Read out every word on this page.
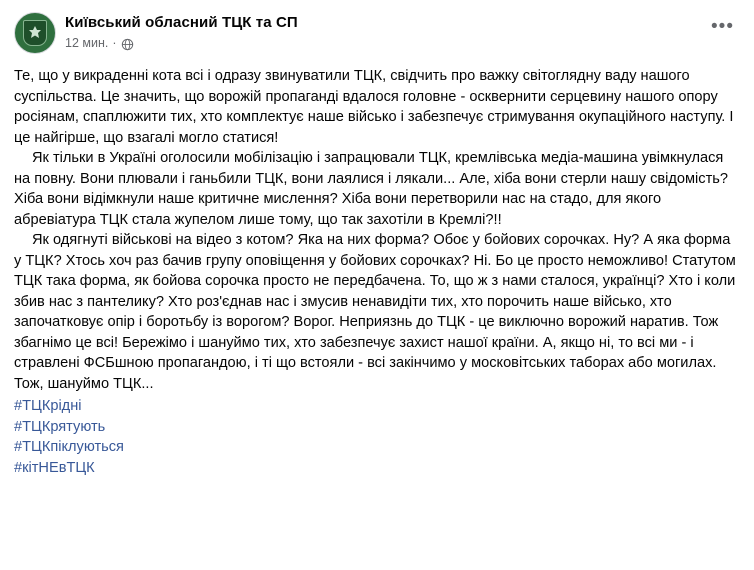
Київський обласний ТЦК та СП
12 мин. ·
•••

Те, що у викраденні кота всі і одразу звинуватили ТЦК, свідчить про важку світоглядну ваду нашого суспільства. Це значить, що ворожій пропаганді вдалося головне - осквернити серцевину нашого опору росіянам, спаплюжити тих, хто комплектує наше військо і забезпечує стримування окупаційного наступу. І це найгірше, що взагалі могло статися!

Як тільки в Україні оголосили мобілізацію і запрацювали ТЦК, кремлівська медіа-машина увімкнулася на повну. Вони плювали і ганьбили ТЦК, вони лаялися і лякали... Але, хіба вони стерли нашу свідомість? Хіба вони відімкнули наше критичне мислення? Хіба вони перетворили нас на стадо, для якого абревіатура ТЦК стала жупелом лише тому, що так захотіли в Кремлі?!!

Як одягнуті військові на відео з котом? Яка на них форма? Обоє у бойових сорочках. Ну? А яка форма у ТЦК? Хтось хоч раз бачив групу оповіщення у бойових сорочках? Ні. Бо це просто неможливо! Статутом ТЦК така форма, як бойова сорочка просто не передбачена. То, що ж з нами сталося, українці? Хто і коли збив нас з пантелику? Хто роз'єднав нас і змусив ненавидіти тих, хто порочить наше військо, хто започатковує опір і боротьбу із ворогом? Ворог. Неприязнь до ТЦК - це виключно ворожий наратив. Тож збагнімо це всі! Бережімо і шануймо тих, хто забезпечує захист нашої країни. А, якщо ні, то всі ми - і стравлені ФСБшною пропагандою, і ті що встояли - всі закінчимо у московітських таборах або могилах.

Тож, шануймо ТЦК...

#ТЦКрідні
#ТЦКрятують
#ТЦКпіклуються
#кітНЕвТЦК
